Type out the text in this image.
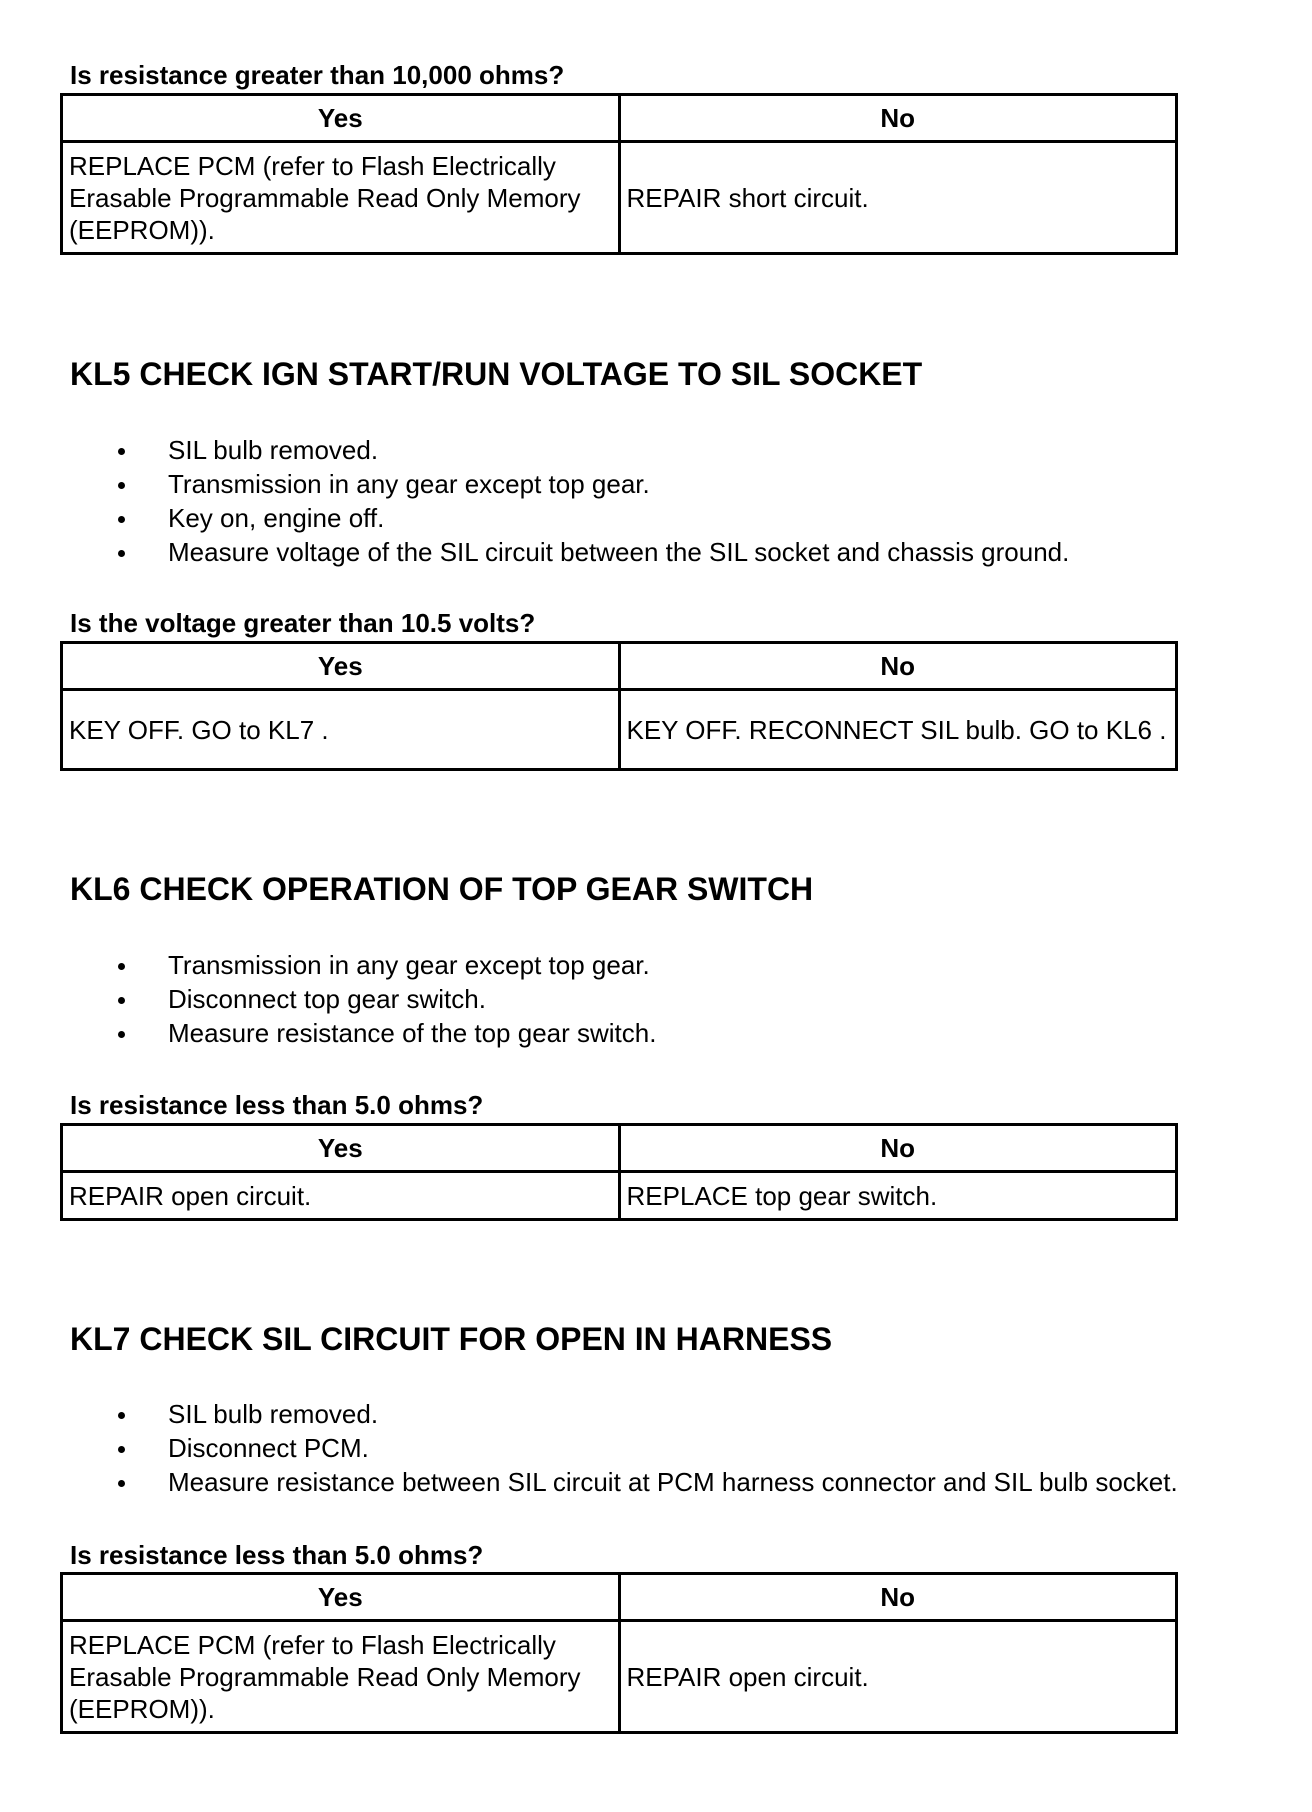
Is resistance greater than 10,000 ohms?
Yes	No
REPLACE PCM (refer to Flash Electrically Erasable Programmable Read Only Memory (EEPROM)).	REPAIR short circuit.
KL5 CHECK IGN START/RUN VOLTAGE TO SIL SOCKET
SIL bulb removed.
Transmission in any gear except top gear.
Key on, engine off.
Measure voltage of the SIL circuit between the SIL socket and chassis ground.
Is the voltage greater than 10.5 volts?
Yes	No
KEY OFF. GO to KL7 .	KEY OFF. RECONNECT SIL bulb. GO to KL6 .
KL6 CHECK OPERATION OF TOP GEAR SWITCH
Transmission in any gear except top gear.
Disconnect top gear switch.
Measure resistance of the top gear switch.
Is resistance less than 5.0 ohms?
Yes	No
REPAIR open circuit.	REPLACE top gear switch.
KL7 CHECK SIL CIRCUIT FOR OPEN IN HARNESS
SIL bulb removed.
Disconnect PCM.
Measure resistance between SIL circuit at PCM harness connector and SIL bulb socket.
Is resistance less than 5.0 ohms?
Yes	No
REPLACE PCM (refer to Flash Electrically Erasable Programmable Read Only Memory (EEPROM)).	REPAIR open circuit.
